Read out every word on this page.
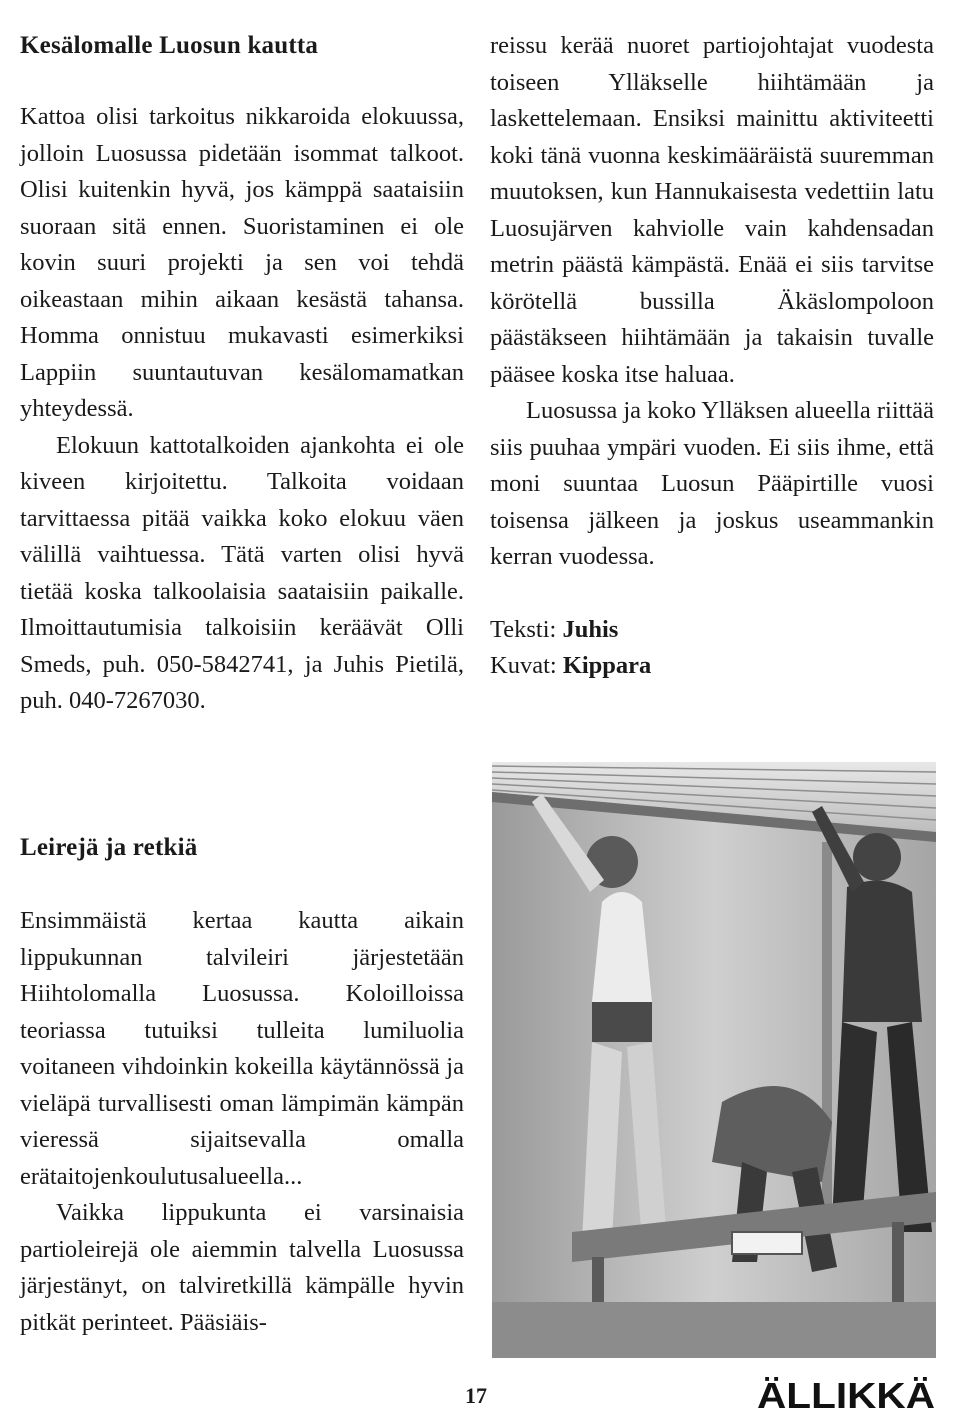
Kesälomalle Luosun kautta

Kattoa olisi tarkoitus nikkaroida elokuussa, jolloin Luosussa pidetään isommat talkoot. Olisi kuitenkin hyvä, jos kämppä saataisiin suoraan sitä ennen. Suoristaminen ei ole kovin suuri projekti ja sen voi tehdä oikeastaan mihin aikaan kesästä tahansa. Homma onnistuu mukavasti esimerkiksi Lappiin suuntautuvan kesälomamatkan yhteydessä.

Elokuun kattotalkoiden ajankohta ei ole kiveen kirjoitettu. Talkoita voidaan tarvittaessa pitää vaikka koko elokuu väen välillä vaihtuessa. Tätä varten olisi hyvä tietää koska talkoolaisia saataisiin paikalle. Ilmoittautumisia talkoisiin keräävät Olli Smeds, puh. 050-5842741, ja Juhis Pietilä, puh. 040-7267030.

Leirejä ja retkiä

Ensimmäistä kertaa kautta aikain lippukunnan talvileiri järjestetään Hiihtolomalla Luosussa. Koloilloissa teoriassa tutuiksi tulleita lumiluolia voitaneen vihdoinkin kokeilla käytännössä ja vieläpä turvallisesti oman lämpimän kämpän vieressä sijaitsevalla omalla erätaitojenkoulutusalueella...

Vaikka lippukunta ei varsinaisia partioleirejä ole aiemmin talvella Luosussa järjestänyt, on talviretkillä kämpälle hyvin pitkät perinteet. Pääsiäis-

reissu kerää nuoret partiojohtajat vuodesta toiseen Ylläkselle hiihtämään ja laskettelemaan. Ensiksi mainittu aktiviteetti koki tänä vuonna keskimääräistä suuremman muutoksen, kun Hannukaisesta vedettiin latu Luosujärven kahviolle vain kahdensadan metrin päästä kämpästä. Enää ei siis tarvitse körötellä bussilla Äkäslompoloon päästäkseen hiihtämään ja takaisin tuvalle pääsee koska itse haluaa.

Luosussa ja koko Ylläksen alueella riittää siis puuhaa ympäri vuoden. Ei siis ihme, että moni suuntaa Luosun Pääpirtille vuosi toisensa jälkeen ja joskus useammankin kerran vuodessa.

Teksti: Juhis
Kuvat: Kippara
17	ÄLLIKKÄ
